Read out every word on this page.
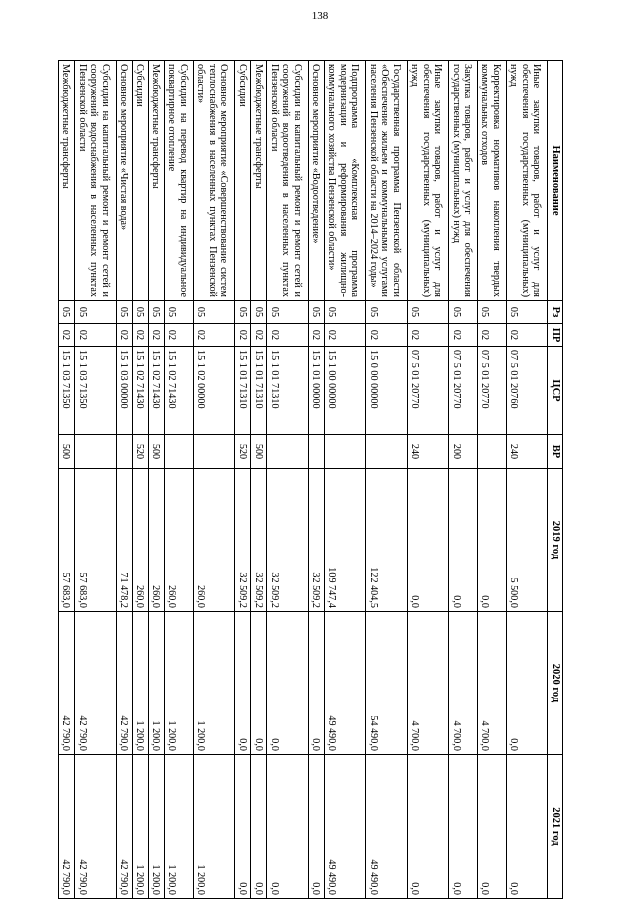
138
Наименование	Рз	ПР	ЦСР	ВР	2019 год	2020 год	2021 год
Иные закупки товаров, работ и услуг для обеспечения государственных (муниципальных) нужд	05	02	07 5 01 20760	240	5 500,0	0,0	0,0
Корректировка нормативов накопления твердых коммунальных отходов	05	02	07 5 01 20770		0,0	4 700,0	0,0
Закупка товаров, работ и услуг для обеспечения государственных (муниципальных) нужд	05	02	07 5 01 20770	200	0,0	4 700,0	0,0
Иные закупки товаров, работ и услуг для обеспечения государственных (муниципальных) нужд	05	02	07 5 01 20770	240	0,0	4 700,0	0,0
Государственная программа Пензенской области «Обеспечение жильем и коммунальными услугами населения Пензенской области на 2014–2024 годы»	05	02	15 0 00 00000		122 404,5	54 490,0	49 490,0
Подпрограмма «Комплексная программа модернизации и реформирования жилищно-коммунального хозяйства Пензенской области»	05	02	15 1 00 00000		109 747,4	49 490,0	49 490,0
Основное мероприятие «Водоотведение»	05	02	15 1 01 00000		32 509,2	0,0	0,0
Субсидии на капитальный ремонт и ремонт сетей и сооружений водоотведения в населенных пунктах Пензенской области	05	02	15 1 01 71310		32 509,2	0,0	0,0
Межбюджетные трансферты	05	02	15 1 01 71310	500	32 509,2	0,0	0,0
Субсидии	05	02	15 1 01 71310	520	32 509,2	0,0	0,0
Основное мероприятие «Совершенствование систем теплоснабжения в населенных пунктах Пензенской области»	05	02	15 1 02 00000		260,0	1 200,0	1 200,0
Субсидии на перевод квартир на индивидуальное поквартирное отопление	05	02	15 1 02 71430		260,0	1 200,0	1 200,0
Межбюджетные трансферты	05	02	15 1 02 71430	500	260,0	1 200,0	1 200,0
Субсидии	05	02	15 1 02 71430	520	260,0	1 200,0	1 200,0
Основное мероприятие «Чистая вода»	05	02	15 1 03 00000		71 478,2	42 790,0	42 790,0
Субсидии на капитальный ремонт и ремонт сетей и сооружений водоснабжения в населенных пунктах Пензенской области	05	02	15 1 03 71350		57 683,0	42 790,0	42 790,0
Межбюджетные трансферты	05	02	15 1 03 71350	500	57 683,0	42 790,0	42 790,0
